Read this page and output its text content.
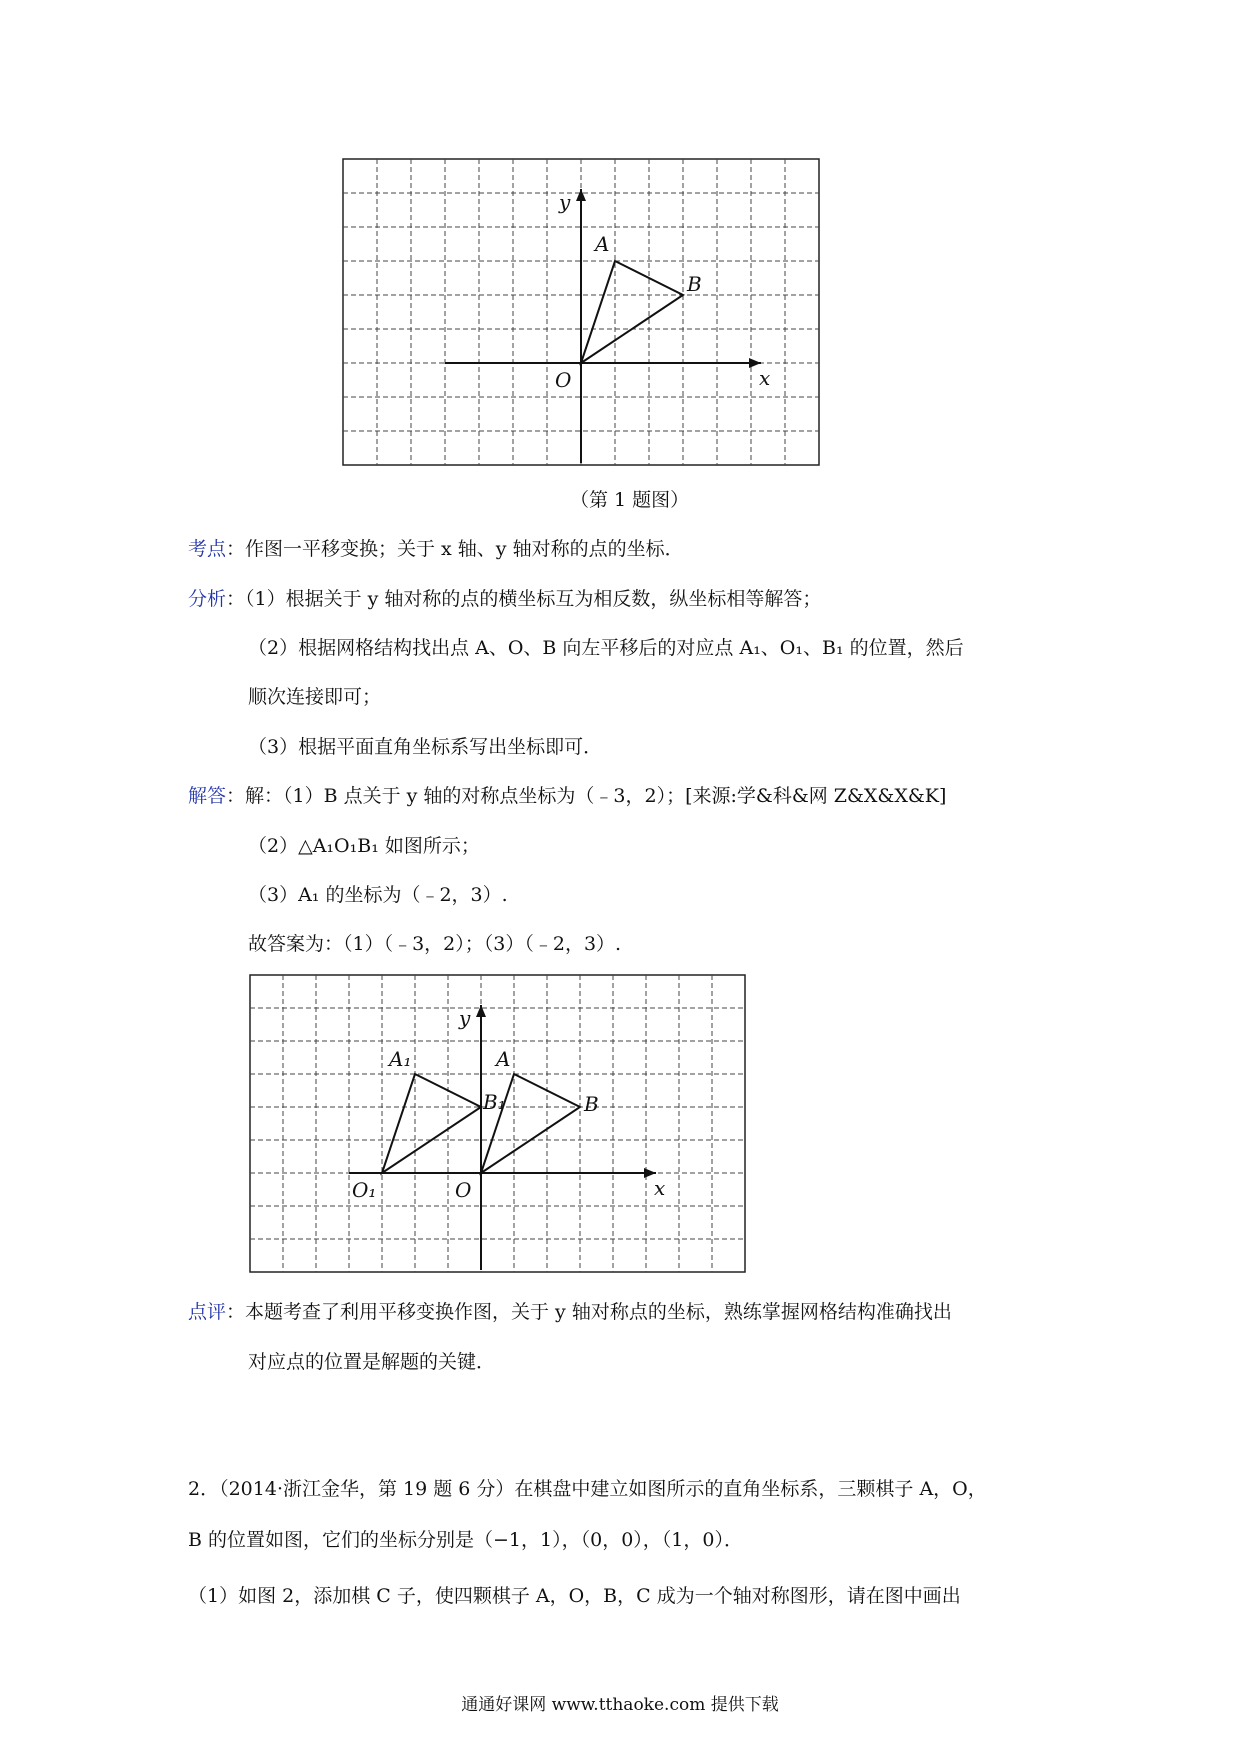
y
x
A
B
O
y
x
A
B
O
A₁
B₁
O₁
（第 1 题图）
考点：作图一平移变换；关于 x 轴、y 轴对称的点的坐标．
分析：（1）根据关于 y 轴对称的点的横坐标互为相反数，纵坐标相等解答；
（2）根据网格结构找出点 A、O、B 向左平移后的对应点 A₁、O₁、B₁ 的位置，然后
顺次连接即可；
（3）根据平面直角坐标系写出坐标即可．
解答：解：（1）B 点关于 y 轴的对称点坐标为（﹣3，2）；[来源:学&科&网 Z&X&X&K]
（2）△A₁O₁B₁ 如图所示；
（3）A₁ 的坐标为（﹣2，3）.
故答案为：（1）（﹣3，2）；（3）（﹣2，3）.
点评：本题考查了利用平移变换作图，关于 y 轴对称点的坐标，熟练掌握网格结构准确找出
对应点的位置是解题的关键．
2．（2014·浙江金华，第 19 题 6 分）在棋盘中建立如图所示的直角坐标系，三颗棋子 A，O，
B 的位置如图，它们的坐标分别是（−1，1），（0，0），（1，0）．
（1）如图 2，添加棋 C 子，使四颗棋子 A，O，B，C 成为一个轴对称图形，请在图中画出
通通好课网 www.tthaoke.com 提供下载
